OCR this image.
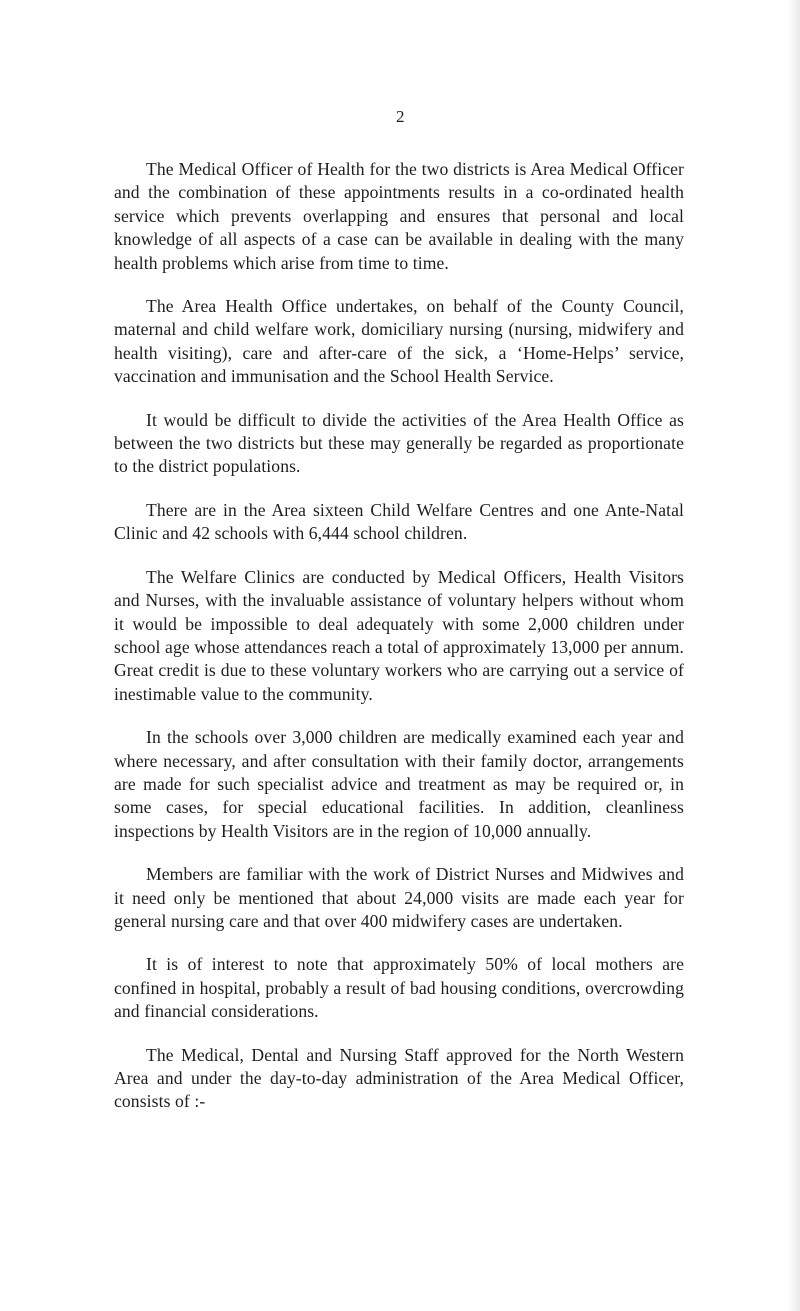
2

The Medical Officer of Health for the two districts is Area Medical Officer and the combination of these appointments results in a co-ordinated health service which prevents overlapping and ensures that personal and local knowledge of all aspects of a case can be available in dealing with the many health problems which arise from time to time.

The Area Health Office undertakes, on behalf of the County Council, maternal and child welfare work, domiciliary nursing (nursing, midwifery and health visiting), care and after-care of the sick, a ‘Home-Helps’ service, vaccination and immunisation and the School Health Service.

It would be difficult to divide the activities of the Area Health Office as between the two districts but these may generally be regarded as proportionate to the district populations.

There are in the Area sixteen Child Welfare Centres and one Ante-Natal Clinic and 42 schools with 6,444 school children.

The Welfare Clinics are conducted by Medical Officers, Health Visitors and Nurses, with the invaluable assistance of voluntary helpers without whom it would be impossible to deal adequately with some 2,000 children under school age whose attendances reach a total of approximately 13,000 per annum. Great credit is due to these voluntary workers who are carrying out a service of inestimable value to the community.

In the schools over 3,000 children are medically examined each year and where necessary, and after consultation with their family doctor, arrangements are made for such specialist advice and treatment as may be required or, in some cases, for special educational facilities. In addition, cleanliness inspections by Health Visitors are in the region of 10,000 annually.

Members are familiar with the work of District Nurses and Midwives and it need only be mentioned that about 24,000 visits are made each year for general nursing care and that over 400 midwifery cases are undertaken.

It is of interest to note that approximately 50% of local mothers are confined in hospital, probably a result of bad housing conditions, overcrowding and financial considerations.

The Medical, Dental and Nursing Staff approved for the North Western Area and under the day-to-day administration of the Area Medical Officer, consists of :-
